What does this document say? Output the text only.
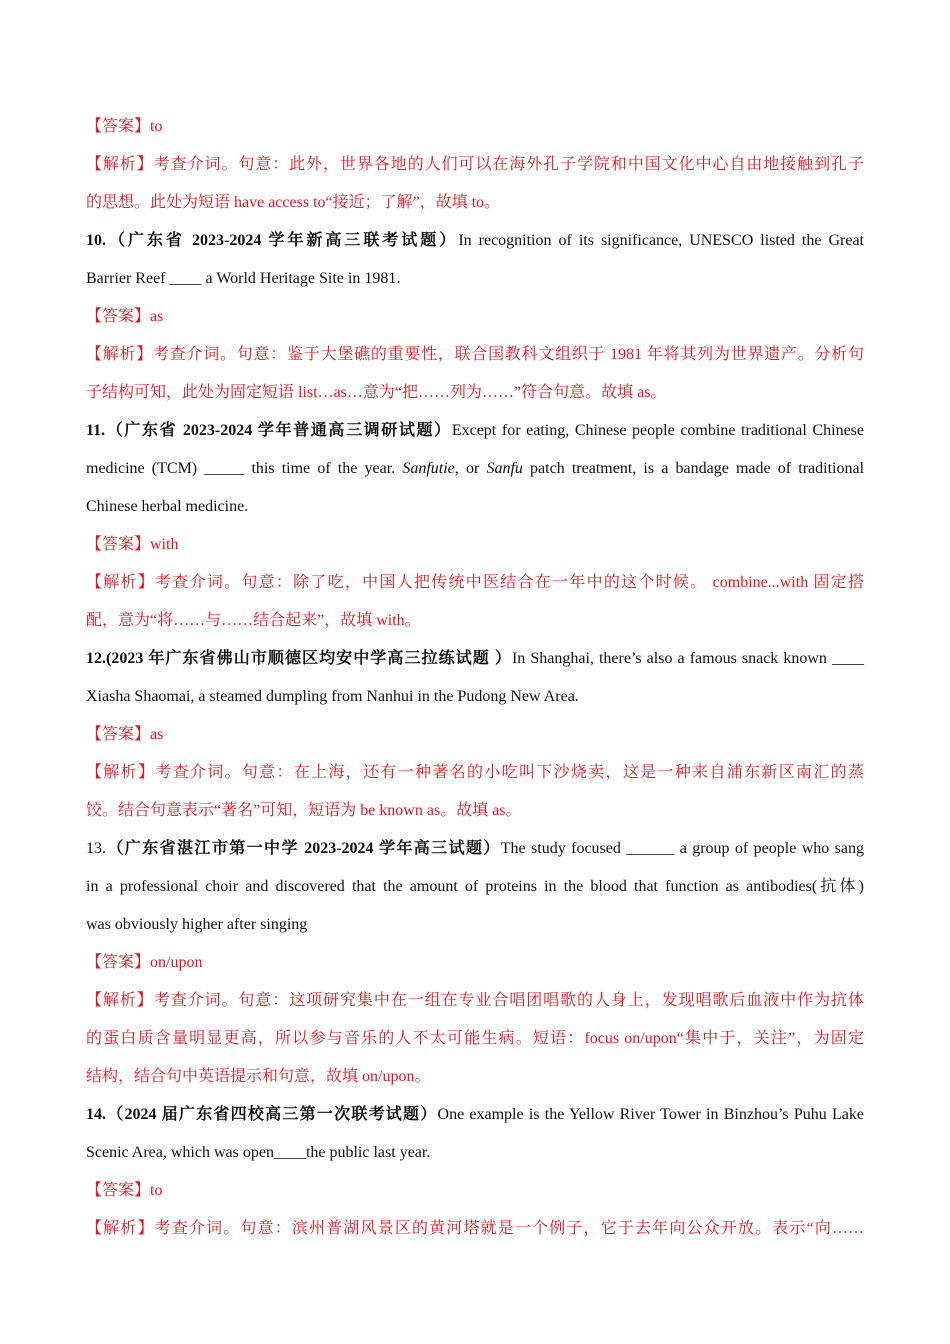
【答案】to
【解析】考查介词。句意：此外，世界各地的人们可以在海外孔子学院和中国文化中心自由地接触到孔子
的思想。此处为短语 have access to“接近；了解”，故填 to。
10.（广东省 2023-2024 学年新高三联考试题）In recognition of its significance, UNESCO listed the Great
Barrier Reef ____ a World Heritage Site in 1981.
【答案】as
【解析】考查介词。句意：鉴于大堡礁的重要性，联合国教科文组织于 1981 年将其列为世界遗产。分析句
子结构可知，此处为固定短语 list…as…意为“把……列为……”符合句意。故填 as。
11.（广东省 2023-2024 学年普通高三调研试题）Except for eating, Chinese people combine traditional Chinese
medicine (TCM) _____ this time of the year. Sanfutie, or Sanfu patch treatment, is a bandage made of traditional
Chinese herbal medicine.
【答案】with
【解析】考查介词。句意：除了吃，中国人把传统中医结合在一年中的这个时候。 combine...with 固定搭
配，意为“将……与……结合起来”，故填 with。
12.(2023 年广东省佛山市顺德区均安中学高三拉练试题 ）In Shanghai, there’s also a famous snack known ____
Xiasha Shaomai, a steamed dumpling from Nanhui in the Pudong New Area.
【答案】as
【解析】考查介词。句意：在上海，还有一种著名的小吃叫下沙烧卖，这是一种来自浦东新区南汇的蒸
饺。结合句意表示“著名”可知，短语为 be known as。故填 as。
13.（广东省湛江市第一中学 2023-2024 学年高三试题）The study focused ______ a group of people who sang
in a professional choir and discovered that the amount of proteins in the blood that function as antibodies(抗体)
was obviously higher after singing
【答案】on/upon
【解析】考查介词。句意：这项研究集中在一组在专业合唱团唱歌的人身上，发现唱歌后血液中作为抗体
的蛋白质含量明显更高，所以参与音乐的人不太可能生病。短语：focus on/upon“集中于，关注”，为固定
结构，结合句中英语提示和句意，故填 on/upon。
14.（2024 届广东省四校高三第一次联考试题）One example is the Yellow River Tower in Binzhou’s Puhu Lake
Scenic Area, which was open____the public last year.
【答案】to
【解析】考查介词。句意：滨州普湖风景区的黄河塔就是一个例子，它于去年向公众开放。表示“向……
